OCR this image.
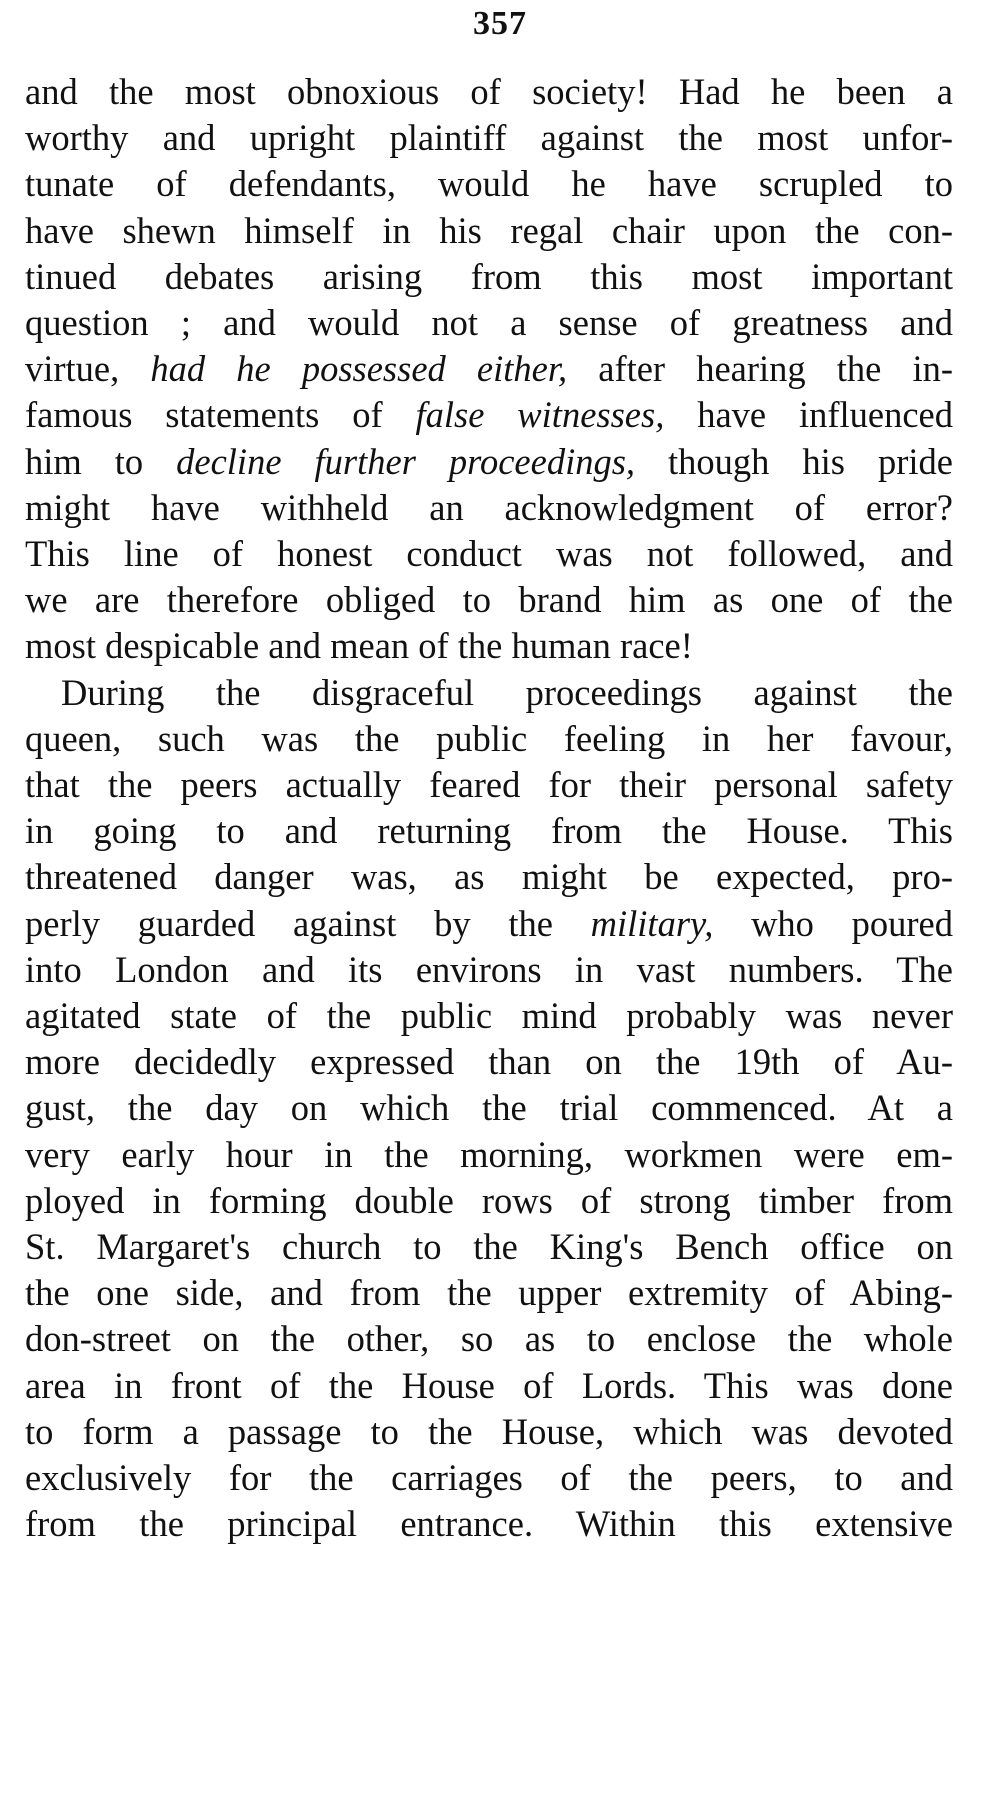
357
and the most obnoxious of society! Had he been a
worthy and upright plaintiff against the most unfor-
tunate of defendants, would he have scrupled to
have shewn himself in his regal chair upon the con-
tinued debates arising from this most important
question ; and would not a sense of greatness and
virtue, had he possessed either, after hearing the in-
famous statements of false witnesses, have influenced
him to decline further proceedings, though his pride
might have withheld an acknowledgment of error?
This line of honest conduct was not followed, and
we are therefore obliged to brand him as one of the
most despicable and mean of the human race!
During the disgraceful proceedings against the
queen, such was the public feeling in her favour,
that the peers actually feared for their personal safety
in going to and returning from the House. This
threatened danger was, as might be expected, pro-
perly guarded against by the military, who poured
into London and its environs in vast numbers. The
agitated state of the public mind probably was never
more decidedly expressed than on the 19th of Au-
gust, the day on which the trial commenced. At a
very early hour in the morning, workmen were em-
ployed in forming double rows of strong timber from
St. Margaret's church to the King's Bench office on
the one side, and from the upper extremity of Abing-
don-street on the other, so as to enclose the whole
area in front of the House of Lords. This was done
to form a passage to the House, which was devoted
exclusively for the carriages of the peers, to and
from the principal entrance. Within this extensive
